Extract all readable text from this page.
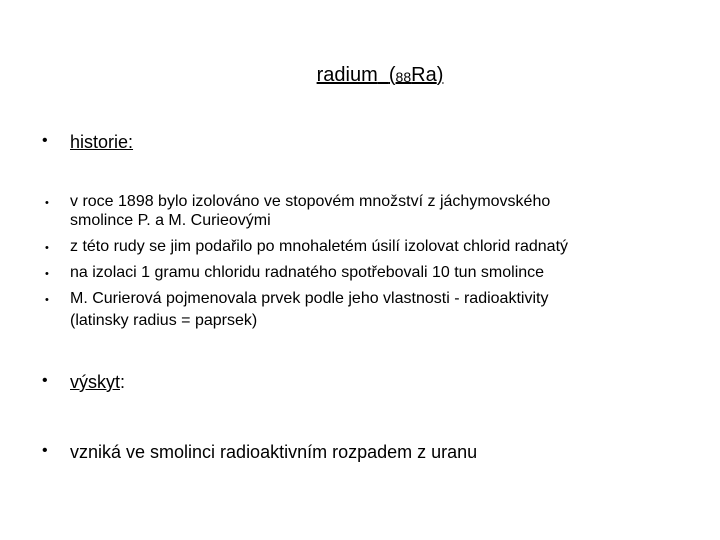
radium (88Ra)
• historie:
• v roce 1898 bylo izolováno ve stopovém množství z jáchymovského
smolince P. a M. Curieovými
• z této rudy se jim podařilo po mnohaletém úsilí izolovat chlorid radnatý
• na izolaci 1 gramu chloridu radnatého spotřebovali 10 tun smolince
• M. Curierová pojmenovala prvek podle jeho vlastnosti - radioaktivity
(latinsky radius = paprsek)
• výskyt:
• vzniká ve smolinci radioaktivním rozpadem z uranu
